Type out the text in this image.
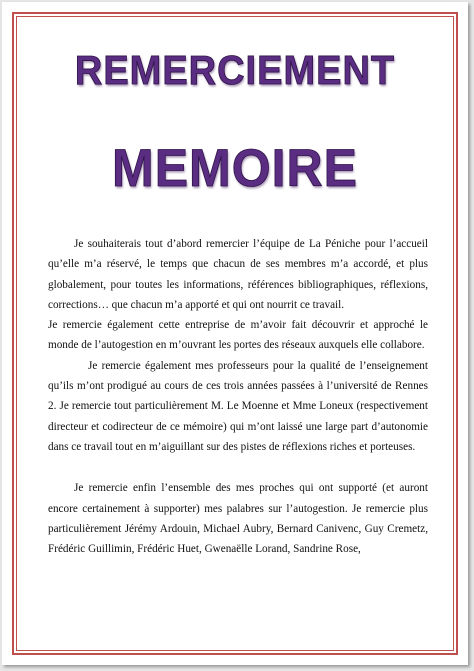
REMERCIEMENT
MEMOIRE

Je souhaiterais tout d’abord remercier l’équipe de La Péniche pour l’accueil qu’elle m’a réservé, le temps que chacun de ses membres m’a accordé, et plus globalement, pour toutes les informations, références bibliographiques, réflexions, corrections… que chacun m’a apporté et qui ont nourrit ce travail.

Je remercie également cette entreprise de m’avoir fait découvrir et approché le monde de l’autogestion en m’ouvrant les portes des réseaux auxquels elle collabore.

Je remercie également mes professeurs pour la qualité de l’enseignement qu’ils m’ont prodigué au cours de ces trois années passées à l’université de Rennes 2. Je remercie tout particulièrement M. Le Moenne et Mme Loneux (respectivement directeur et codirecteur de ce mémoire) qui m’ont laissé une large part d’autonomie dans ce travail tout en m’aiguillant sur des pistes de réflexions riches et porteuses.

Je remercie enfin l’ensemble des mes proches qui ont supporté (et auront encore certainement à supporter) mes palabres sur l’autogestion. Je remercie plus particulièrement Jérémy Ardouin, Michael Aubry, Bernard Canivenc, Guy Cremetz, Frédéric Guillimin, Frédéric Huet, Gwenaëlle Lorand, Sandrine Rose,
